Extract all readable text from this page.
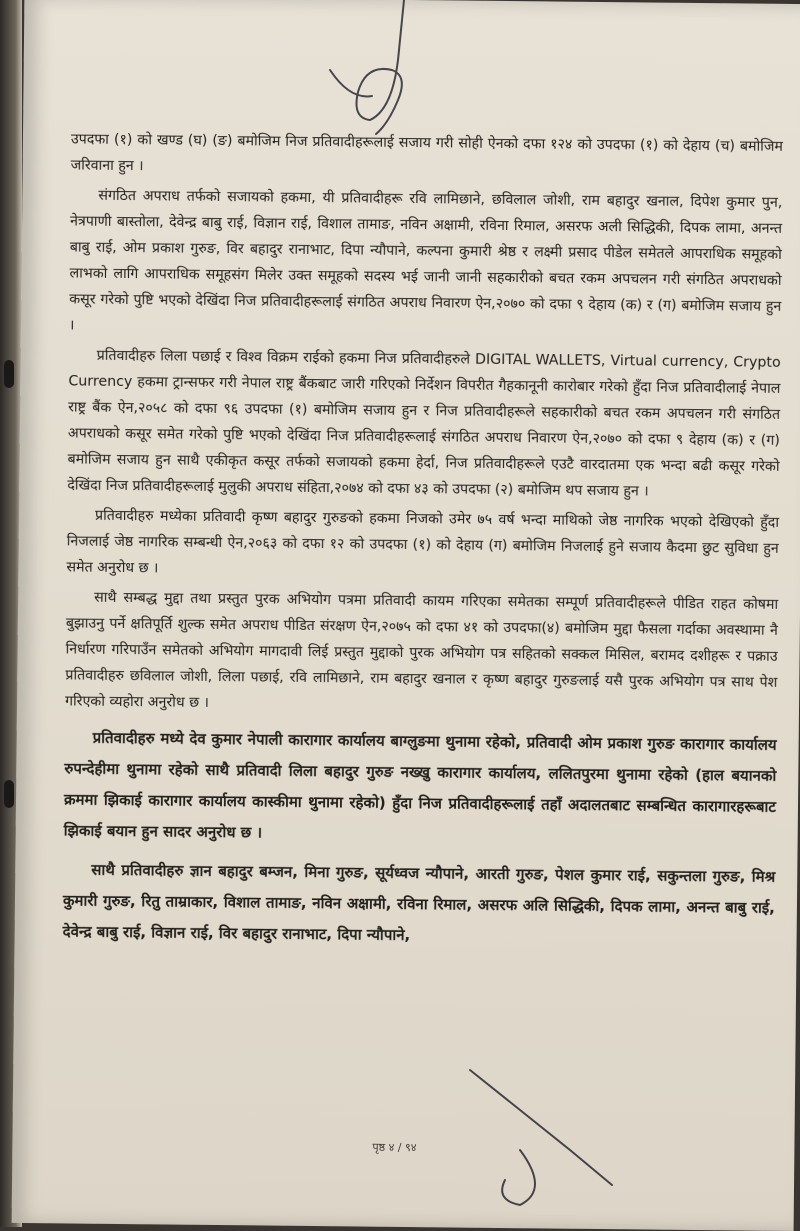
उपदफा (१) को खण्ड (घ) (ङ) बमोजिम निज प्रतिवादीहरूलाई सजाय गरी सोही ऐनको दफा १२४ को उपदफा (१) को देहाय (च) बमोजिम जरिवाना हुन ।

संगठित अपराध तर्फको सजायको हकमा, यी प्रतिवादीहरू रवि लामिछाने, छविलाल जोशी, राम बहादुर खनाल, दिपेश कुमार पुन, नेत्रपाणी बास्तोला, देवेन्द्र बाबु राई, विज्ञान राई, विशाल तामाङ, नविन अक्षामी, रविना रिमाल, असरफ अली सिद्धिकी, दिपक लामा, अनन्त बाबु राई, ओम प्रकाश गुरुङ, विर बहादुर रानाभाट, दिपा न्यौपाने, कल्पना कुमारी श्रेष्ठ र लक्ष्मी प्रसाद पीडेल समेतले आपराधिक समूहको लाभको लागि आपराधिक समूहसंग मिलेर उक्त समूहको सदस्य भई जानी जानी सहकारीको बचत रकम अपचलन गरी संगठित अपराधको कसूर गरेको पुष्टि भएको देखिंदा निज प्रतिवादीहरूलाई संगठित अपराध निवारण ऐन,२०७० को दफा ९ देहाय (क) र (ग) बमोजिम सजाय हुन ।

प्रतिवादीहरु लिला पछाई र विश्व विक्रम राईको हकमा निज प्रतिवादीहरुले DIGITAL WALLETS, Virtual currency, Crypto Currency हकमा ट्रान्सफर गरी नेपाल राष्ट्र बैंकबाट जारी गरिएको निर्देशन विपरीत गैहकानूनी कारोबार गरेको हुँदा निज प्रतिवादीलाई नेपाल राष्ट्र बैंक ऐन,२०५८ को दफा ९६ उपदफा (१) बमोजिम सजाय हुन र निज प्रतिवादीहरूले सहकारीको बचत रकम अपचलन गरी संगठित अपराधको कसूर समेत गरेको पुष्टि भएको देखिंदा निज प्रतिवादीहरूलाई संगठित अपराध निवारण ऐन,२०७० को दफा ९ देहाय (क) र (ग) बमोजिम सजाय हुन साथै एकीकृत कसूर तर्फको सजायको हकमा हेर्दा, निज प्रतिवादीहरूले एउटै वारदातमा एक भन्दा बढी कसूर गरेको देखिंदा निज प्रतिवादीहरूलाई मुलुकी अपराध संहिता,२०७४ को दफा ४३ को उपदफा (२) बमोजिम थप सजाय हुन ।

प्रतिवादीहरु मध्येका प्रतिवादी कृष्ण बहादुर गुरुङको हकमा निजको उमेर ७५ वर्ष भन्दा माथिको जेष्ठ नागरिक भएको देखिएको हुँदा निजलाई जेष्ठ नागरिक सम्बन्धी ऐन,२०६३ को दफा १२ को उपदफा (१) को देहाय (ग) बमोजिम निजलाई हुने सजाय कैदमा छुट सुविधा हुन समेत अनुरोध छ ।

साथै सम्बद्ध मुद्दा तथा प्रस्तुत पुरक अभियोग पत्रमा प्रतिवादी कायम गरिएका समेतका सम्पूर्ण प्रतिवादीहरूले पीडित राहत कोषमा बुझाउनु पर्ने क्षतिपूर्ति शुल्क समेत अपराध पीडित संरक्षण ऐन,२०७५ को दफा ४१ को उपदफा(४) बमोजिम मुद्दा फैसला गर्दाका अवस्थामा नै निर्धारण गरिपाउँन समेतको अभियोग मागदावी लिई प्रस्तुत मुद्दाको पुरक अभियोग पत्र सहितको सक्कल मिसिल, बरामद दशीहरू र पक्राउ प्रतिवादीहरु छविलाल जोशी, लिला पछाई, रवि लामिछाने, राम बहादुर खनाल र कृष्ण बहादुर गुरुङलाई यसै पुरक अभियोग पत्र साथ पेश गरिएको व्यहोरा अनुरोध छ ।

प्रतिवादीहरु मध्ये देव कुमार नेपाली कारागार कार्यालय बाग्लुङमा थुनामा रहेको, प्रतिवादी ओम प्रकाश गुरुङ कारागार कार्यालय रुपन्देहीमा थुनामा रहेको साथै प्रतिवादी लिला बहादुर गुरुङ नख्खु कारागार कार्यालय, ललितपुरमा थुनामा रहेको (हाल बयानको क्रममा झिकाई कारागार कार्यालय कास्कीमा थुनामा रहेको) हुँदा निज प्रतिवादीहरूलाई तहाँ अदालतबाट सम्बन्धित कारागारहरूबाट झिकाई बयान हुन सादर अनुरोध छ ।

साथै प्रतिवादीहरु ज्ञान बहादुर बम्जन, मिना गुरुङ, सूर्यध्वज न्यौपाने, आरती गुरुङ, पेशल कुमार राई, सकुन्तला गुरुङ, मिश्र कुमारी गुरुङ, रितु ताम्राकार, विशाल तामाङ, नविन अक्षामी, रविना रिमाल, असरफ अलि सिद्धिकी, दिपक लामा, अनन्त बाबु राई, देवेन्द्र बाबु राई, विज्ञान राई, विर बहादुर रानाभाट, दिपा न्यौपाने,

पृष्ठ ४ / ९४
